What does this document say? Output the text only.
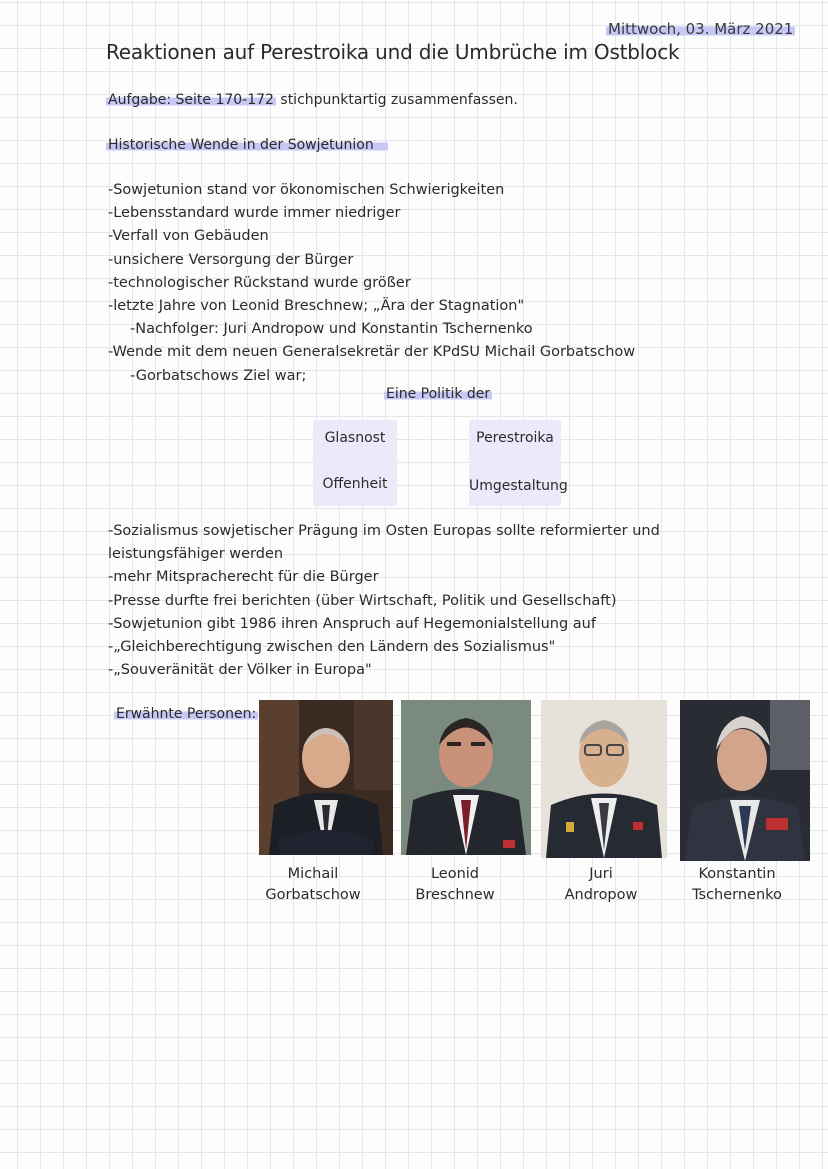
Mittwoch, 03. März 2021
Reaktionen auf Perestroika und die Umbrüche im Ostblock
Aufgabe: Seite 170-172 stichpunktartig zusammenfassen.
Historische Wende in der Sowjetunion
-Sowjetunion stand vor ökonomischen Schwierigkeiten
-Lebensstandard wurde immer niedriger
-Verfall von Gebäuden
-unsichere Versorgung der Bürger
-technologischer Rückstand wurde größer
-letzte Jahre von Leonid Breschnew; „Ära der Stagnation"
-Nachfolger: Juri Andropow und Konstantin Tschernenko
-Wende mit dem neuen Generalsekretär der KPdSU Michail Gorbatschow
-Gorbatschows Ziel war;
Eine Politik der
Glasnost
Offenheit
Perestroika
Umgestaltung
-Sozialismus sowjetischer Prägung im Osten Europas sollte reformierter und
leistungsfähiger werden
-mehr Mitspracherecht für die Bürger
-Presse durfte frei berichten (über Wirtschaft, Politik und Gesellschaft)
-Sowjetunion gibt 1986 ihren Anspruch auf Hegemonialstellung auf
-„Gleichberechtigung zwischen den Ländern des Sozialismus"
-„Souveränität der Völker in Europa"
Erwähnte Personen:
Michail
Gorbatschow
Leonid
Breschnew
Juri
Andropow
Konstantin
Tschernenko
